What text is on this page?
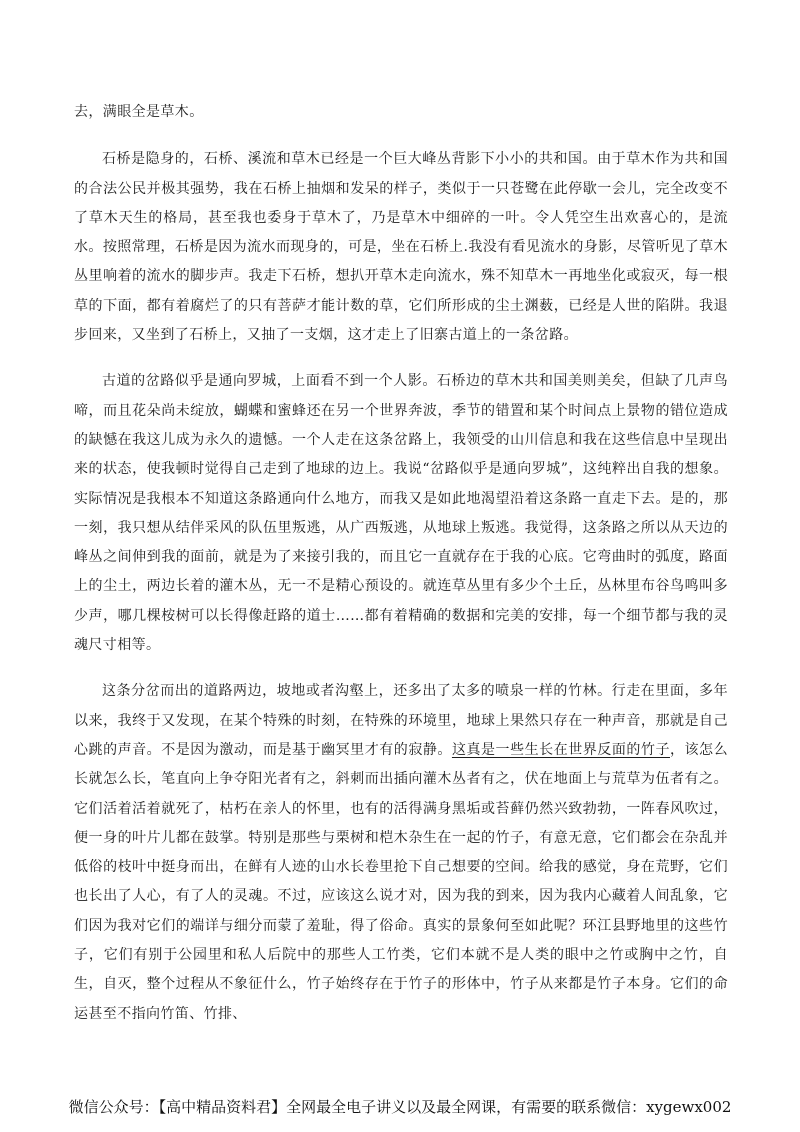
去，满眼全是草木。

石桥是隐身的，石桥、溪流和草木已经是一个巨大峰丛背影下小小的共和国。由于草木作为共和国的合法公民并极其强势，我在石桥上抽烟和发呆的样子，类似于一只苍鹭在此停歇一会儿，完全改变不了草木天生的格局，甚至我也委身于草木了，乃是草木中细碎的一叶。令人凭空生出欢喜心的，是流水。按照常理，石桥是因为流水而现身的，可是，坐在石桥上.我没有看见流水的身影，尽管听见了草木丛里响着的流水的脚步声。我走下石桥，想扒开草木走向流水，殊不知草木一再地坐化或寂灭，每一根草的下面，都有着腐烂了的只有菩萨才能计数的草，它们所形成的尘土渊薮，已经是人世的陷阱。我退步回来，又坐到了石桥上，又抽了一支烟，这才走上了旧寨古道上的一条岔路。

古道的岔路似乎是通向罗城，上面看不到一个人影。石桥边的草木共和国美则美矣，但缺了几声鸟啼，而且花朵尚未绽放，蝴蝶和蜜蜂还在另一个世界奔波，季节的错置和某个时间点上景物的错位造成的缺憾在我这儿成为永久的遗憾。一个人走在这条岔路上，我领受的山川信息和我在这些信息中呈现出来的状态，使我顿时觉得自己走到了地球的边上。我说“岔路似乎是通向罗城”，这纯粹出自我的想象。实际情况是我根本不知道这条路通向什么地方，而我又是如此地渴望沿着这条路一直走下去。是的，那一刻，我只想从结伴采风的队伍里叛逃，从广西叛逃，从地球上叛逃。我觉得，这条路之所以从天边的峰丛之间伸到我的面前，就是为了来接引我的，而且它一直就存在于我的心底。它弯曲时的弧度，路面上的尘土，两边长着的灌木丛，无一不是精心预设的。就连草丛里有多少个土丘，丛林里布谷鸟鸣叫多少声，哪几棵桉树可以长得像赶路的道士……都有着精确的数据和完美的安排，每一个细节都与我的灵魂尺寸相等。

这条分岔而出的道路两边，坡地或者沟壑上，还多出了太多的喷泉一样的竹林。行走在里面，多年以来，我终于又发现，在某个特殊的时刻，在特殊的环境里，地球上果然只存在一种声音，那就是自己心跳的声音。不是因为激动，而是基于幽冥里才有的寂静。这真是一些生长在世界反面的竹子，该怎么长就怎么长，笔直向上争夺阳光者有之，斜刺而出插向灌木丛者有之，伏在地面上与荒草为伍者有之。它们活着活着就死了，枯朽在亲人的怀里，也有的活得满身黑垢或苔藓仍然兴致勃勃，一阵春风吹过，便一身的叶片儿都在鼓掌。特别是那些与栗树和桤木杂生在一起的竹子，有意无意，它们都会在杂乱并低俗的枝叶中挺身而出，在鲜有人迹的山水长卷里抢下自己想要的空间。给我的感觉，身在荒野，它们也长出了人心，有了人的灵魂。不过，应该这么说才对，因为我的到来，因为我内心藏着人间乱象，它们因为我对它们的端详与细分而蒙了羞耻，得了俗命。真实的景象何至如此呢？环江县野地里的这些竹子，它们有别于公园里和私人后院中的那些人工竹类，它们本就不是人类的眼中之竹或胸中之竹，自生，自灭，整个过程从不象征什么，竹子始终存在于竹子的形体中，竹子从来都是竹子本身。它们的命运甚至不指向竹笛、竹排、

微信公众号：【高中精品资料君】全网最全电子讲义以及最全网课，有需要的联系微信：xygewx002
